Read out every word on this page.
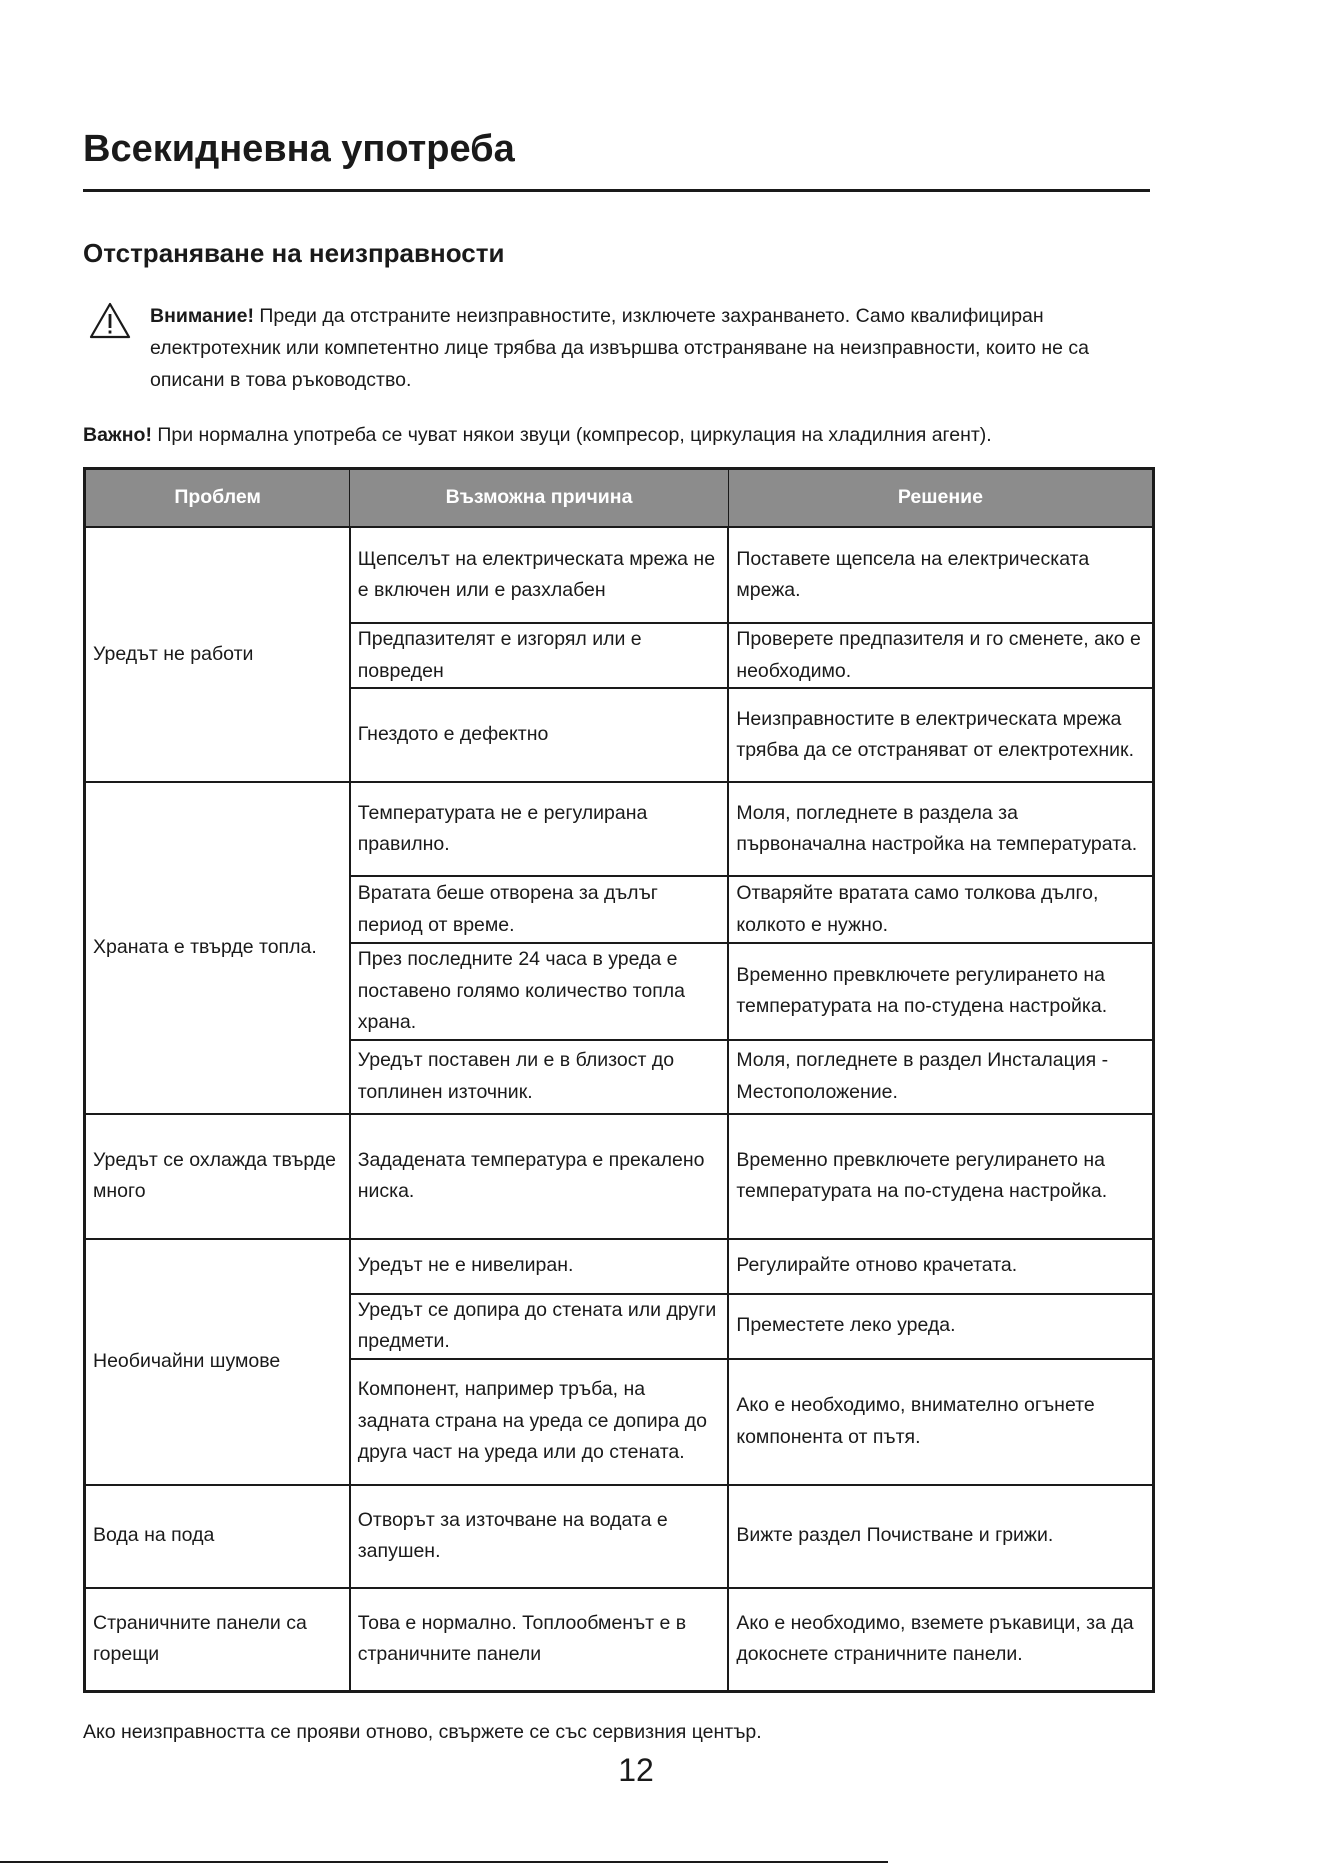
Всекидневна употреба
Отстраняване на неизправности
Внимание! Преди да отстраните неизправностите, изключете захранването. Само квалифициран електротехник или компетентно лице трябва да извършва отстраняване на неизправности, които не са описани в това ръководство.
Важно! При нормална употреба се чуват някои звуци (компресор, циркулация на хладилния агент).
Проблем	Възможна причина	Решение
Уредът не работи	Щепселът на електрическата мрежа не е включен или е разхлабен	Поставете щепсела на електрическата мрежа.
	Предпазителят е изгорял или е повреден	Проверете предпазителя и го сменете, ако е необходимо.
	Гнездото е дефектно	Неизправностите в електрическата мрежа трябва да се отстраняват от електротехник.
Храната е твърде топла.	Температурата не е регулирана правилно.	Моля, погледнете в раздела за първоначална настройка на температурата.
	Вратата беше отворена за дълъг период от време.	Отваряйте вратата само толкова дълго, колкото е нужно.
	През последните 24 часа в уреда е поставено голямо количество топла храна.	Временно превключете регулирането на температурата на по-студена настройка.
	Уредът поставен ли е в близост до топлинен източник.	Моля, погледнете в раздел Инсталация - Местоположение.
Уредът се охлажда твърде много	Зададената температура е прекалено ниска.	Временно превключете регулирането на температурата на по-студена настройка.
Необичайни шумове	Уредът не е нивелиран.	Регулирайте отново крачетата.
	Уредът се допира до стената или други предмети.	Преместете леко уреда.
	Компонент, например тръба, на задната страна на уреда се допира до друга част на уреда или до стената.	Ако е необходимо, внимателно огънете компонента от пътя.
Вода на пода	Отворът за източване на водата е запушен.	Вижте раздел Почистване и грижи.
Страничните панели са горещи	Това е нормално. Топлообменът е в страничните панели	Ако е необходимо, вземете ръкавици, за да докоснете страничните панели.
Ако неизправността се прояви отново, свържете се със сервизния център.
12
